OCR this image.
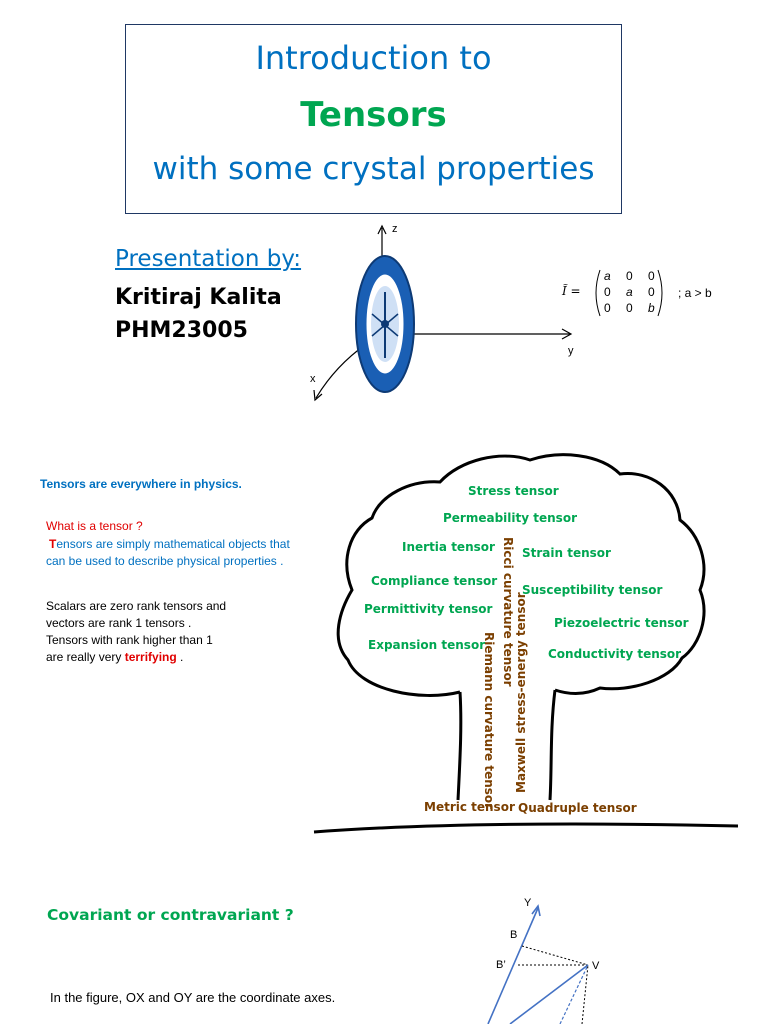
Introduction to
Tensors
with some crystal properties
Presentation by:
Kritiraj Kalita
PHM23005
z
y
x
Ĩ =
a 0 0
0 a 0
0 0 b
; a > b
Tensors are everywhere in physics.
What is a tensor ?
Tensors are simply mathematical objects that
can be used to describe physical properties .
Scalars are zero rank tensors and
vectors are rank 1 tensors .
Tensors with rank higher than 1
are really very terrifying .
Stress tensor
Permeability tensor
Inertia tensor Strain tensor
Compliance tensor
Susceptibility tensor
Permittivity tensor
Piezoelectric tensor
Expansion tensor
Conductivity tensor
Ricci curvature tensor
Riemann curvature tensor Maxwell stress-energy tensor
Metric tensor Quadruple tensor
Covariant or contravariant ?
In the figure, OX and OY are the coordinate axes.
Y
B
B’	V
